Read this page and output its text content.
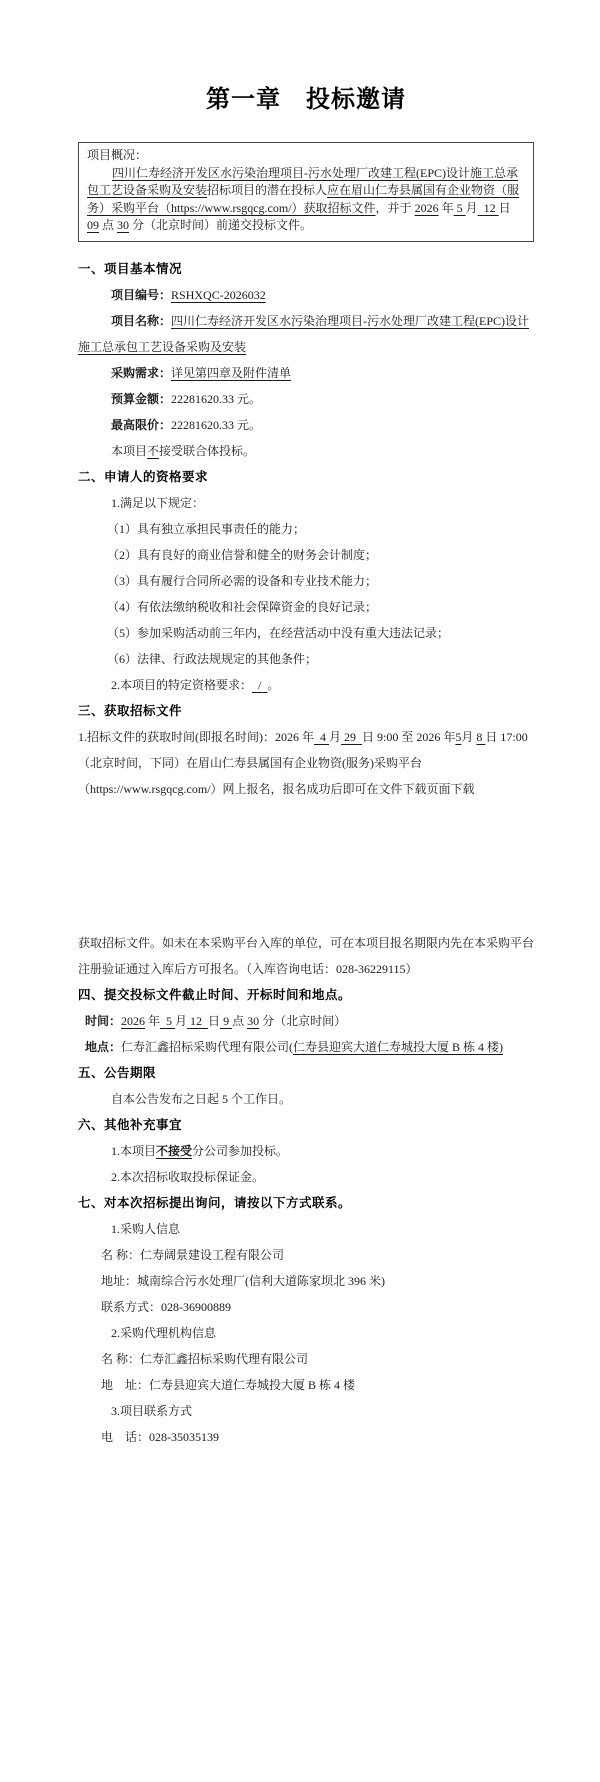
第一章　投标邀请
项目概况：

四川仁寿经济开发区水污染治理项目-污水处理厂改建工程(EPC)设计施工总承包工艺设备采购及安装招标项目的潜在投标人应在眉山仁寿县属国有企业物资（服务）采购平台（https://www.rsgqcg.com/）获取招标文件，并于 2026 年 5 月  12 日 09 点 30 分（北京时间）前递交投标文件。

一、项目基本情况
项目编号：RSHXQC-2026032

项目名称：四川仁寿经济开发区水污染治理项目-污水处理厂改建工程(EPC)设计施工总承包工艺设备采购及安装

采购需求：详见第四章及附件清单
预算金额：22281620.33 元。
最高限价：22281620.33 元。
本项目不接受联合体投标。
二、申请人的资格要求
1.满足以下规定：
（1）具有独立承担民事责任的能力；
（2）具有良好的商业信誉和健全的财务会计制度；
（3）具有履行合同所必需的设备和专业技术能力；
（4）有依法缴纳税收和社会保障资金的良好记录；
（5）参加采购活动前三年内，在经营活动中没有重大违法记录；
（6）法律、行政法规规定的其他条件；
2.本项目的特定资格要求：  /  。
三、获取招标文件

1.招标文件的获取时间(即报名时间)：2026 年  4 月 29  日 9:00 至 2026 年5月 8 日 17:00（北京时间，下同）在眉山仁寿县属国有企业物资(服务)采购平台（https://www.rsgqcg.com/）网上报名，报名成功后即可在文件下载页面下载

获取招标文件。如未在本采购平台入库的单位，可在本项目报名期限内先在本采购平台注册验证通过入库后方可报名。（入库咨询电话：028-36229115）

四、提交投标文件截止时间、开标时间和地点。
时间：2026 年  5 月 12  日 9 点 30 分（北京时间）
地点：仁寿汇鑫招标采购代理有限公司(仁寿县迎宾大道仁寿城投大厦 B 栋 4 楼)
五、公告期限
自本公告发布之日起 5 个工作日。
六、其他补充事宜
1.本项目不接受分公司参加投标。
2.本次招标收取投标保证金。
七、对本次招标提出询问，请按以下方式联系。
1.采购人信息
名 称：仁寿阔景建设工程有限公司
地址：城南综合污水处理厂(信利大道陈家坝北 396 米)
联系方式：028-36900889
2.采购代理机构信息
名 称：仁寿汇鑫招标采购代理有限公司
地　址：仁寿县迎宾大道仁寿城投大厦 B 栋 4 楼
3.项目联系方式
电　话：028-35035139
